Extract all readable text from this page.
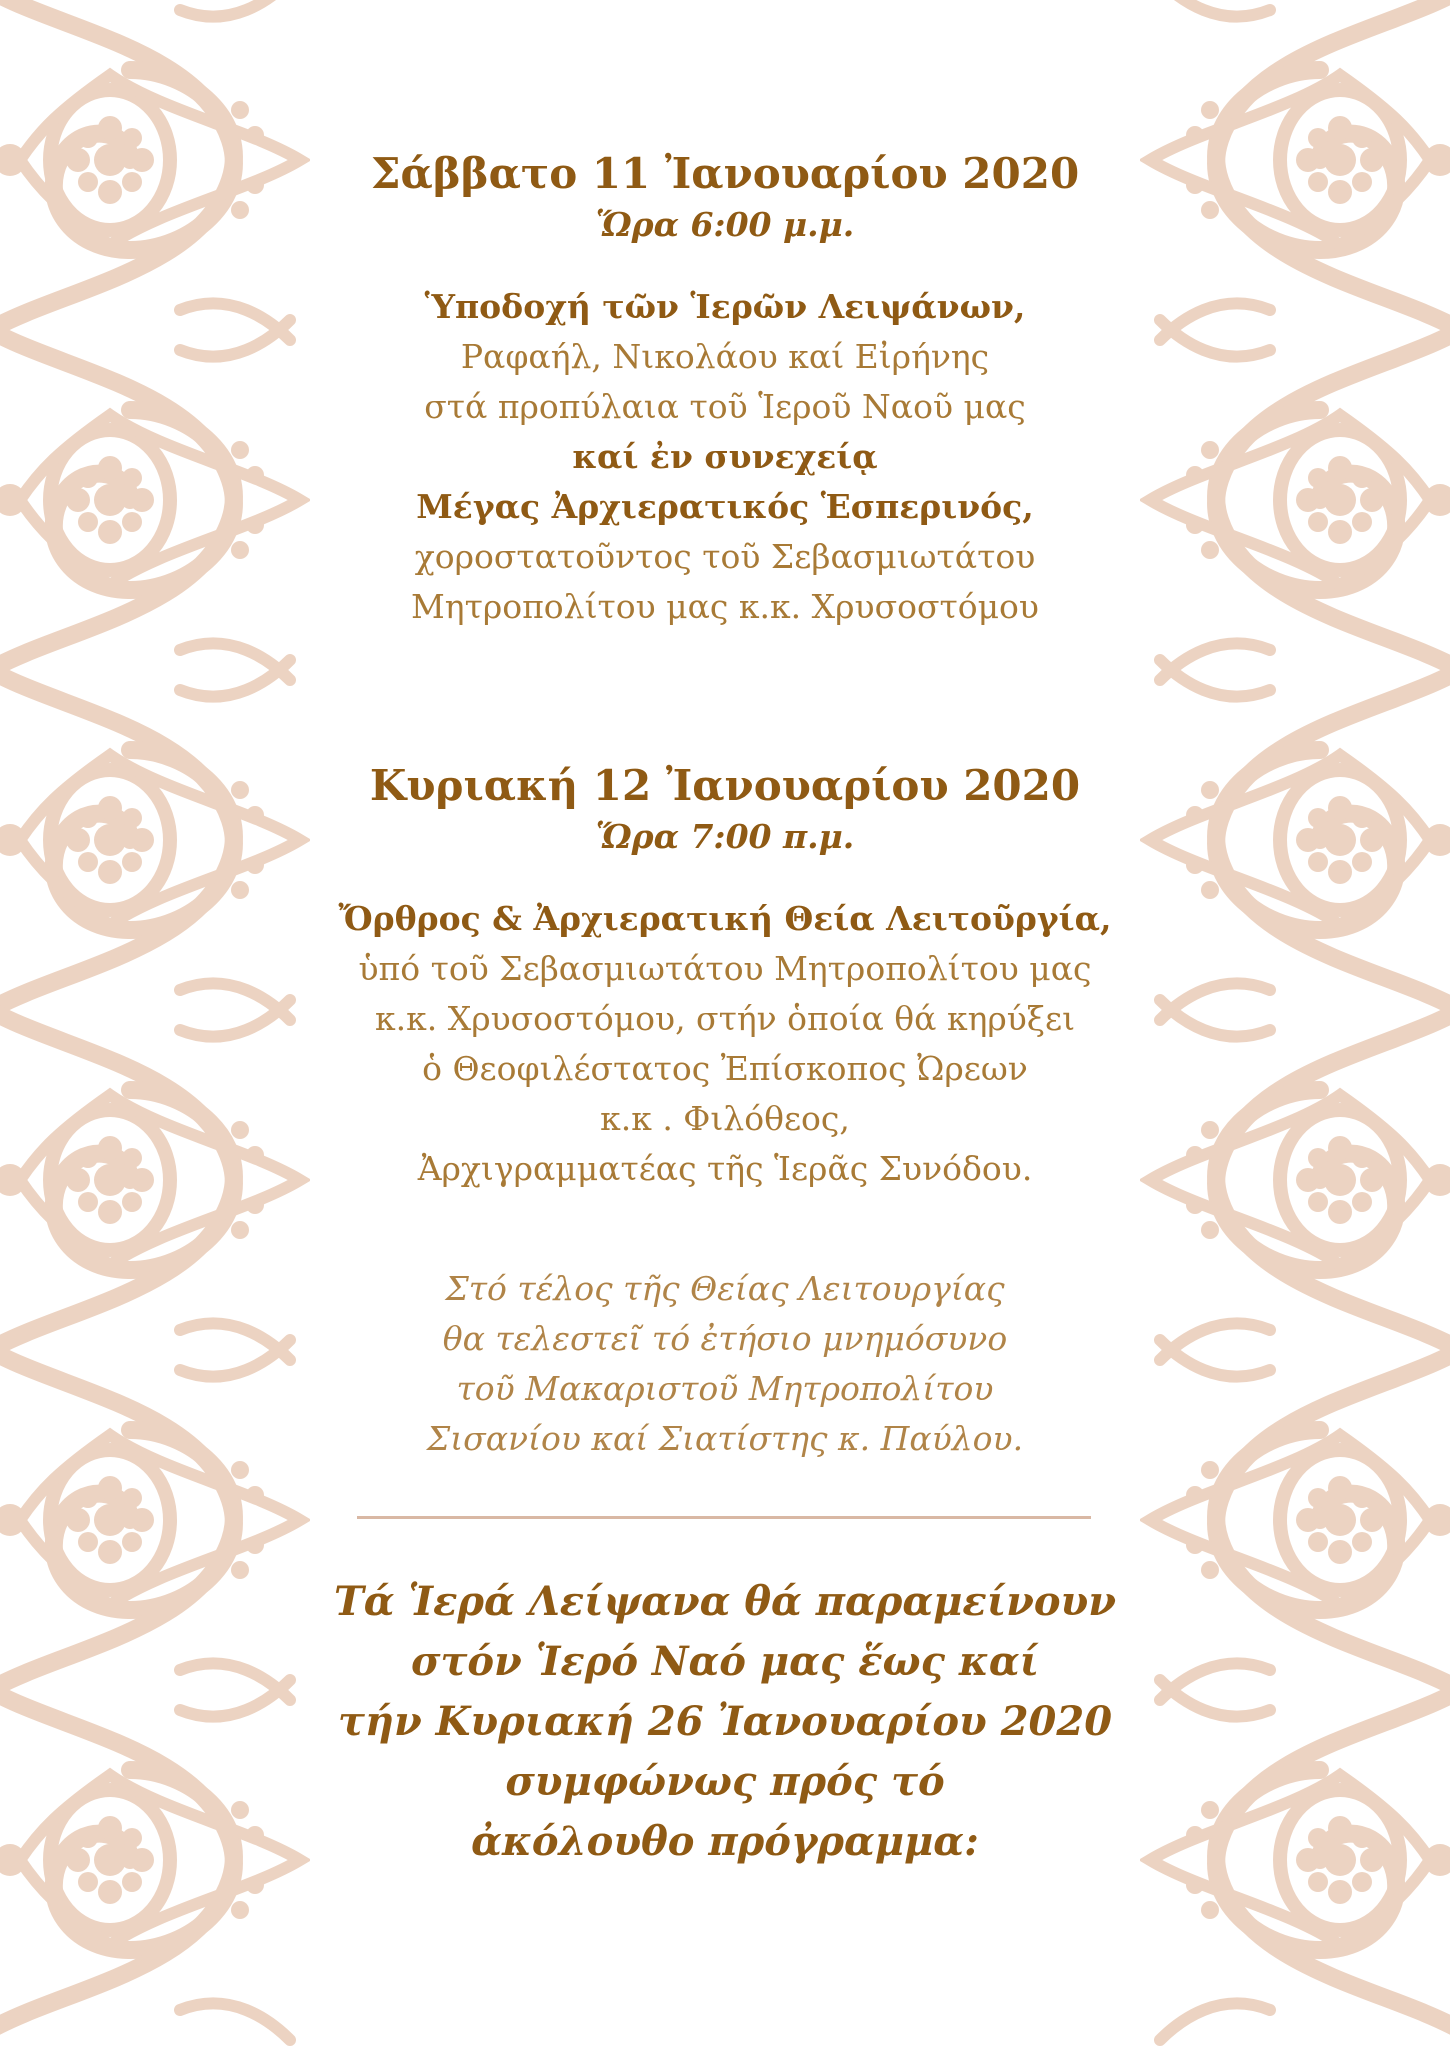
Σάββατο 11 Ἰανουαρίου 2020
Ὥρα 6:00 μ.μ.
Ὑποδοχή τῶν Ἱερῶν Λειψάνων,
Ραφαήλ, Νικολάου καί Εἰρήνης
στά προπύλαια τοῦ Ἱεροῦ Ναοῦ μας
καί ἐν συνεχείᾳ
Μέγας Ἀρχιερατικός Ἑσπερινός,
χοροστατοῦντος τοῦ Σεβασμιωτάτου
Μητροπολίτου μας κ.κ. Χρυσοστόμου
Κυριακή 12 Ἰανουαρίου 2020
Ὥρα 7:00 π.μ.
Ὄρθρος & Ἀρχιερατική Θεία Λειτοῦργία,
ὑπό τοῦ Σεβασμιωτάτου Μητροπολίτου μας
κ.κ. Χρυσοστόμου, στήν ὁποία θά κηρύξει
ὁ Θεοφιλέστατος Ἐπίσκοπος Ὠρεων
κ.κ . Φιλόθεος,
Ἀρχιγραμματέας τῆς Ἱερᾶς Συνόδου.
Στό τέλος τῆς Θείας Λειτουργίας
θα τελεστεῖ τό ἐτήσιο μνημόσυνο
τοῦ Μακαριστοῦ Μητροπολίτου
Σισανίου καί Σιατίστης κ. Παύλου.
Τά Ἱερά Λείψανα θά παραμείνουν
στόν Ἱερό Ναό μας ἕως καί
τήν Κυριακή 26 Ἰανουαρίου 2020
συμφώνως πρός τό
ἀκόλουθο πρόγραμμα:
